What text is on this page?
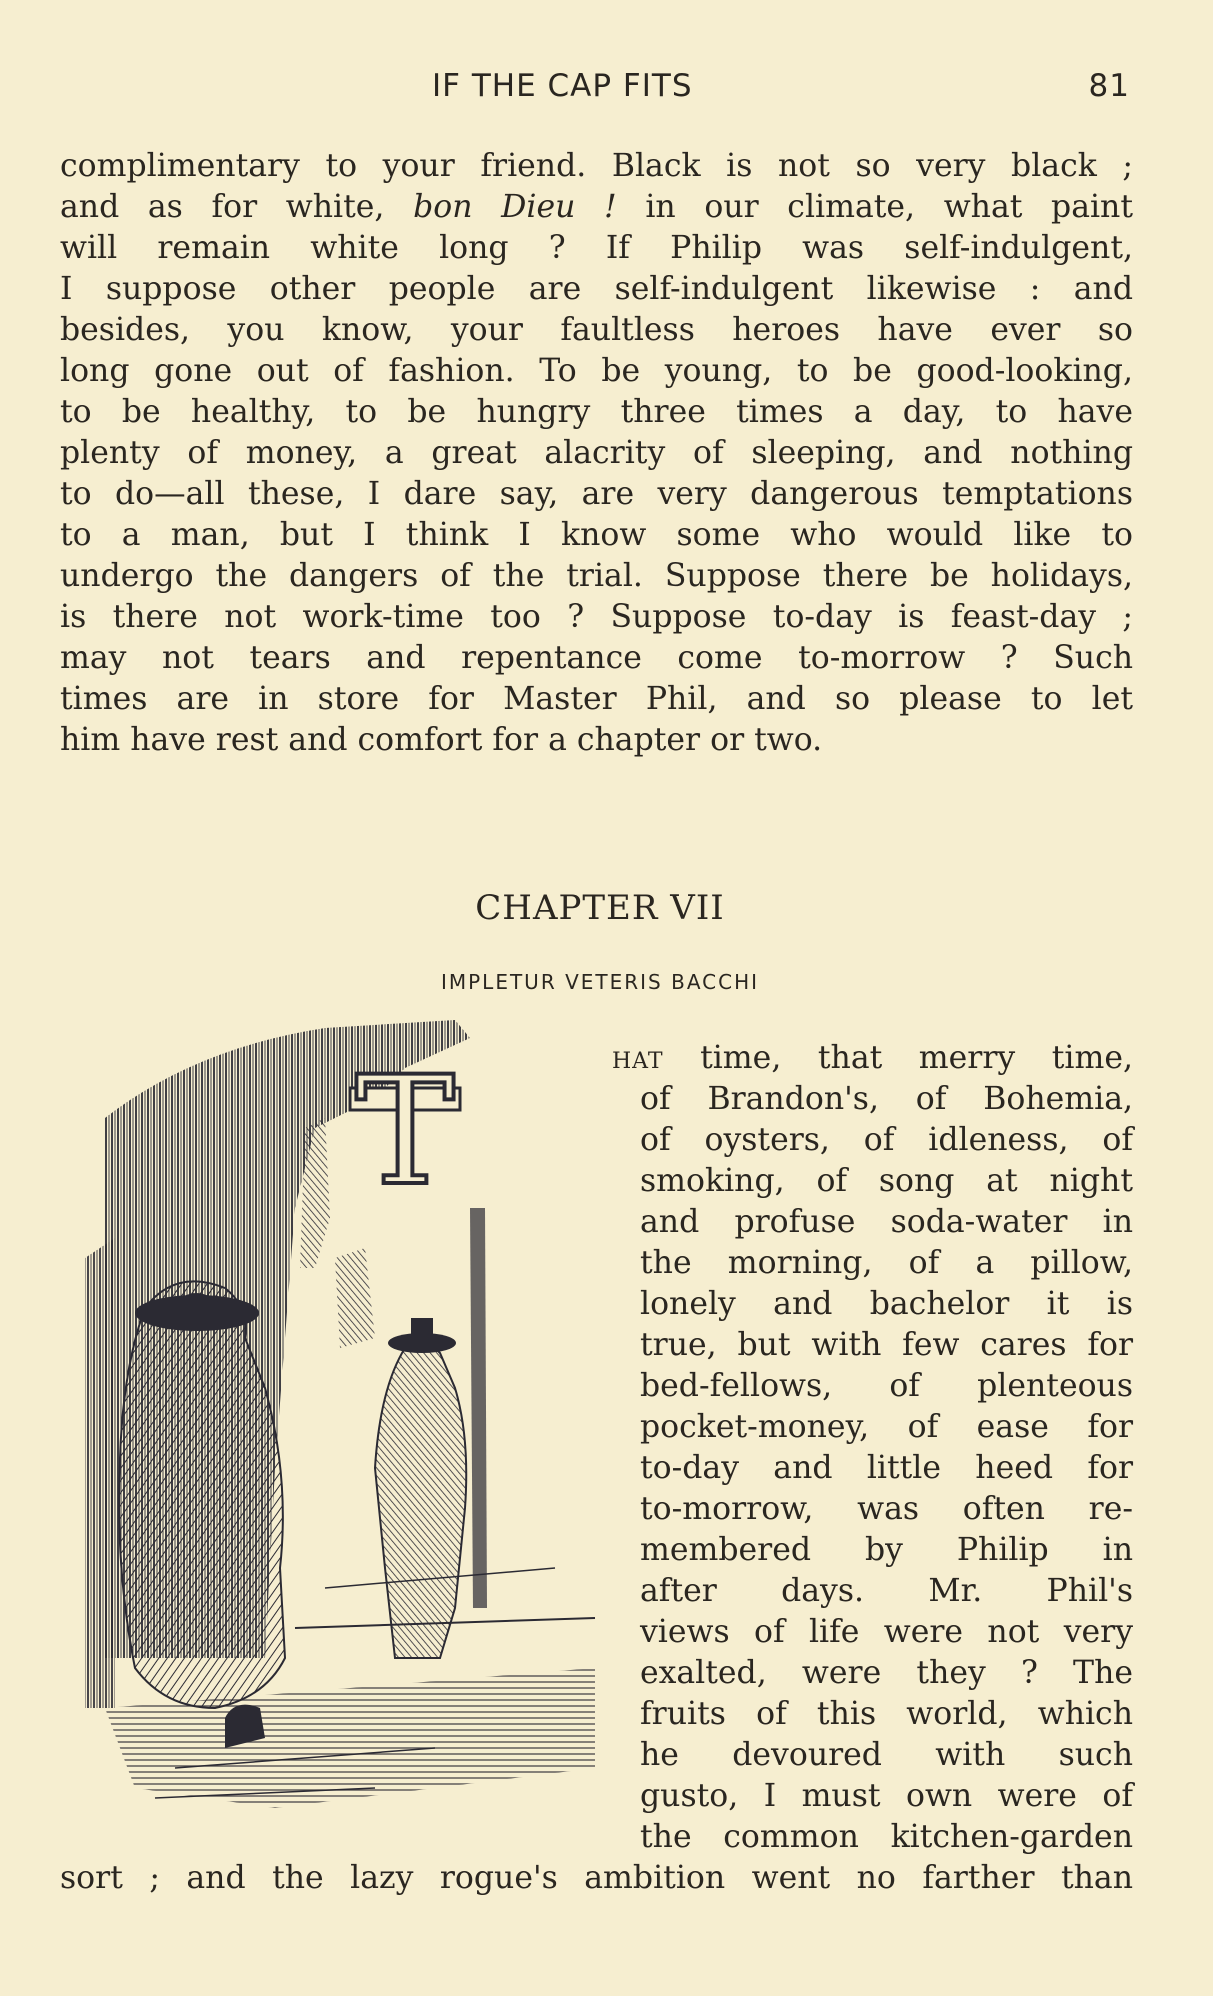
IF THE CAP FITS	81
complimentary to your friend. Black is not so very black ;
and as for white, bon Dieu ! in our climate, what paint
will remain white long ? If Philip was self-indulgent,
I suppose other people are self-indulgent likewise : and
besides, you know, your faultless heroes have ever so
long gone out of fashion. To be young, to be good-looking,
to be healthy, to be hungry three times a day, to have
plenty of money, a great alacrity of sleeping, and nothing
to do—all these, I dare say, are very dangerous temptations
to a man, but I think I know some who would like to
undergo the dangers of the trial. Suppose there be holidays,
is there not work-time too ? Suppose to-day is feast-day ;
may not tears and repentance come to-morrow ? Such
times are in store for Master Phil, and so please to let
him have rest and comfort for a chapter or two.
CHAPTER VII
IMPLETUR VETERIS BACCHI
T	HAT time, that merry time,
of Brandon's, of Bohemia,
of oysters, of idleness, of
smoking, of song at night
and profuse soda-water in
the morning, of a pillow,
lonely and bachelor it is
true, but with few cares for
bed-fellows, of plenteous
pocket-money, of ease for
to-day and little heed for
to-morrow, was often re-
membered by Philip in
after days. Mr. Phil's
views of life were not very
exalted, were they ? The
fruits of this world, which
he devoured with such
gusto, I must own were of
the common kitchen-garden
sort ; and the lazy rogue's ambition went no farther than
